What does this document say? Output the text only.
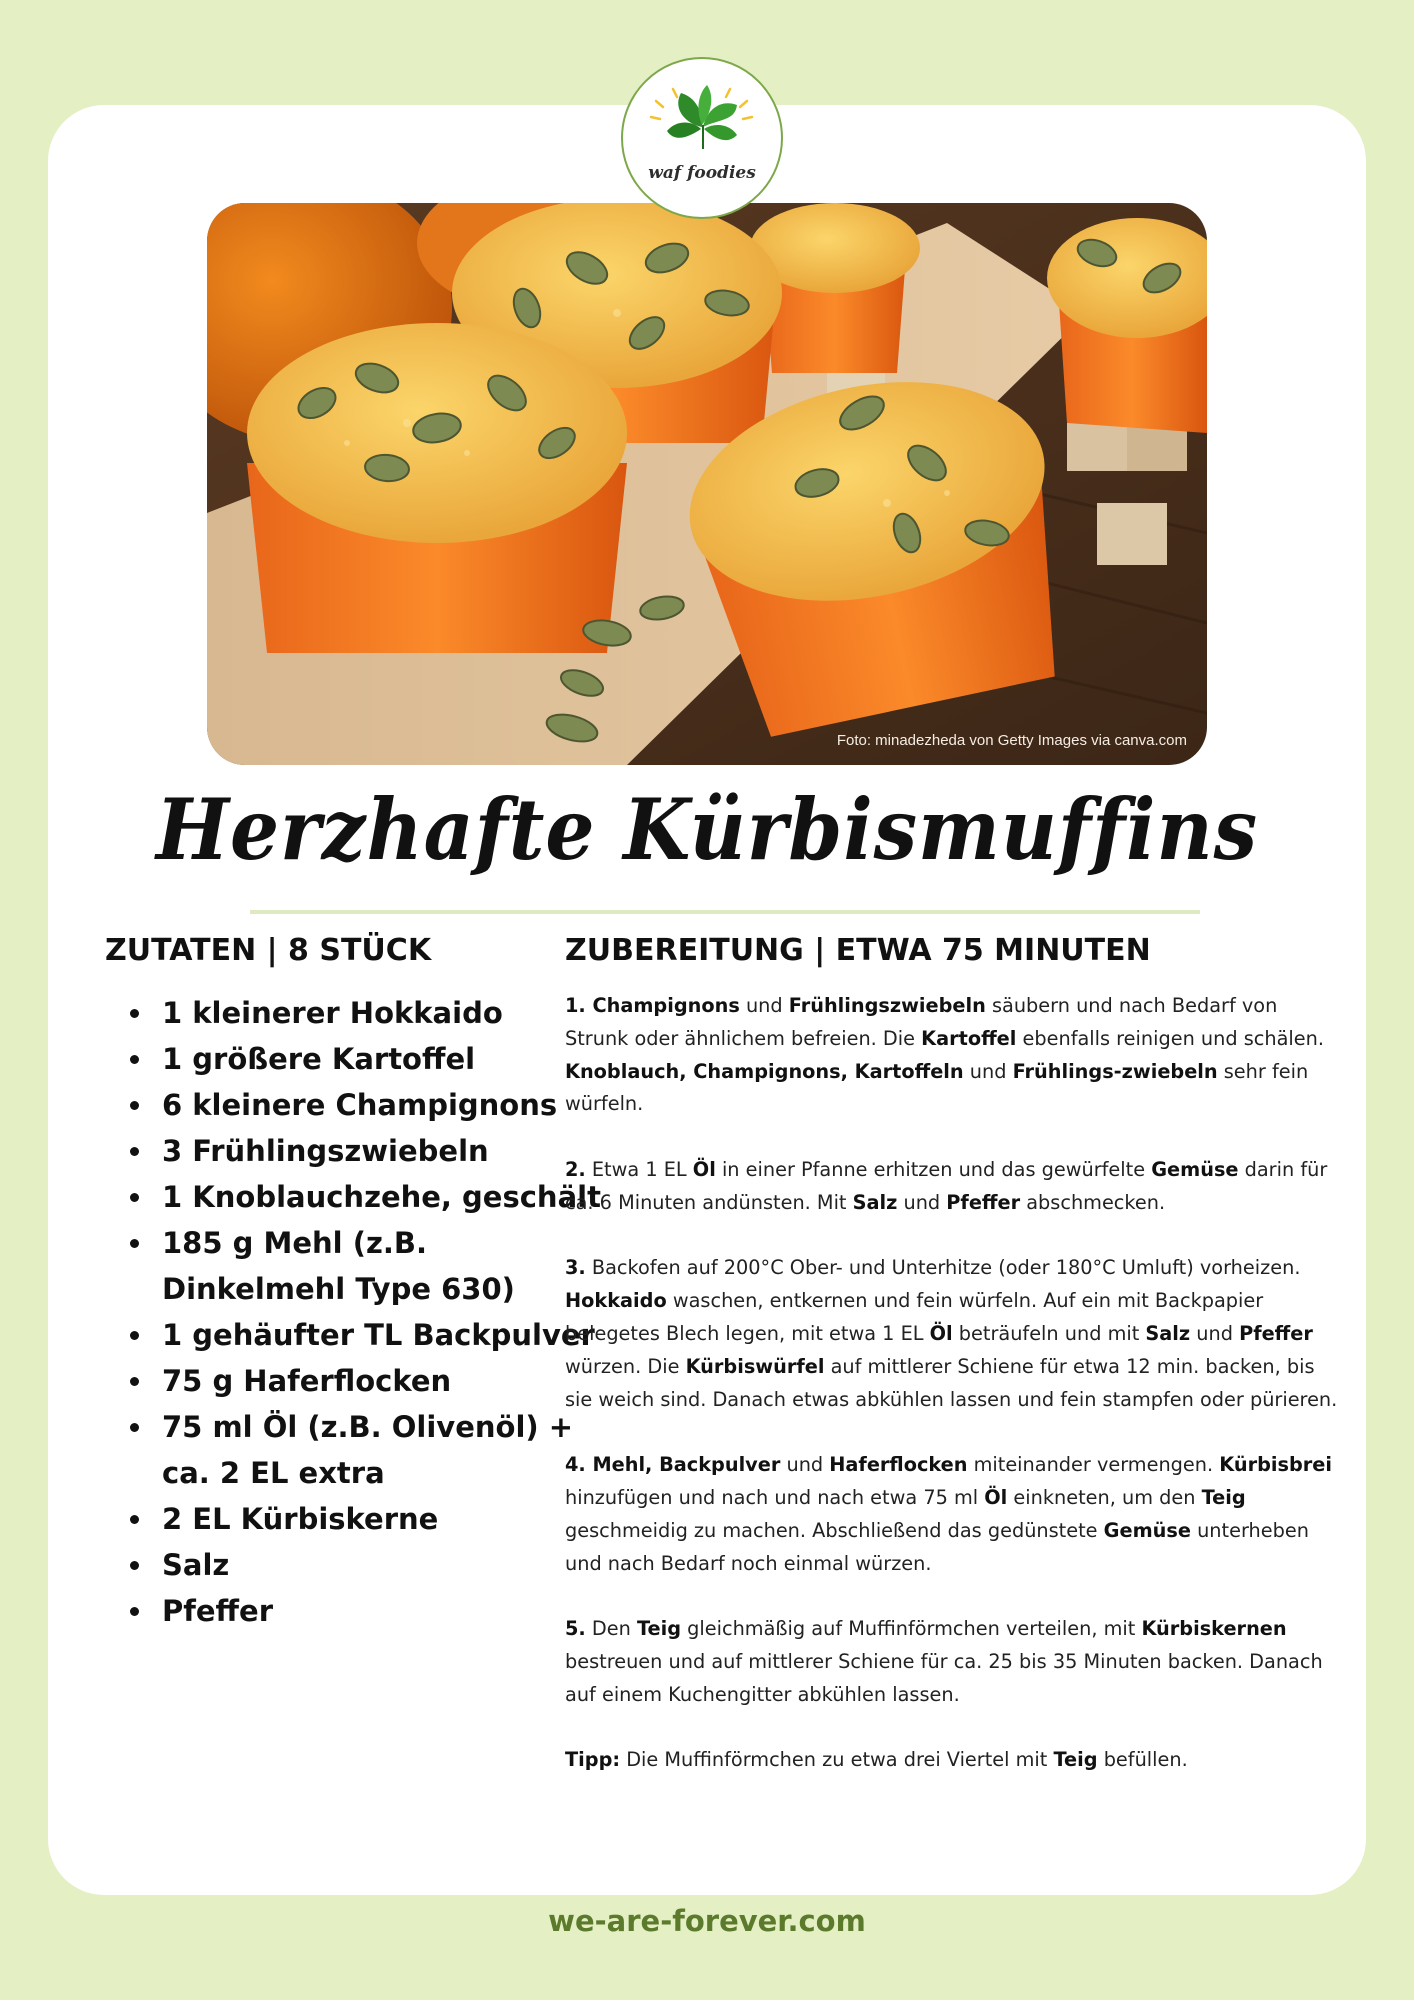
waf foodies
Foto: minadezheda von Getty Images via canva.com
Herzhafte Kürbismuffins
ZUTATEN | 8 STÜCK
1 kleinerer Hokkaido
1 größere Kartoffel
6 kleinere Champignons
3 Frühlingszwiebeln
1 Knoblauchzehe, geschält
185 g Mehl (z.B. Dinkelmehl Type 630)
1 gehäufter TL Backpulver
75 g Haferflocken
75 ml Öl (z.B. Olivenöl) + ca. 2 EL extra
2 EL Kürbiskerne
Salz
Pfeffer
ZUBEREITUNG | ETWA 75 MINUTEN

1. Champignons und Frühlingszwiebeln säubern und nach Bedarf von Strunk oder ähnlichem befreien. Die Kartoffel ebenfalls reinigen und schälen. Knoblauch, Champignons, Kartoffeln und Frühlings-zwiebeln sehr fein würfeln.

2. Etwa 1 EL Öl in einer Pfanne erhitzen und das gewürfelte Gemüse darin für ca. 6 Minuten andünsten. Mit Salz und Pfeffer abschmecken.

3. Backofen auf 200°C Ober- und Unterhitze (oder 180°C Umluft) vorheizen. Hokkaido waschen, entkernen und fein würfeln. Auf ein mit Backpapier belegetes Blech legen, mit etwa 1 EL Öl beträufeln und mit Salz und Pfeffer würzen. Die Kürbiswürfel auf mittlerer Schiene für etwa 12 min. backen, bis sie weich sind. Danach etwas abkühlen lassen und fein stampfen oder pürieren.

4. Mehl, Backpulver und Haferflocken miteinander vermengen. Kürbisbrei hinzufügen und nach und nach etwa 75 ml Öl einkneten, um den Teig geschmeidig zu machen. Abschließend das gedünstete Gemüse unterheben und nach Bedarf noch einmal würzen.

5. Den Teig gleichmäßig auf Muffinförmchen verteilen, mit Kürbiskernen bestreuen und auf mittlerer Schiene für ca. 25 bis 35 Minuten backen. Danach auf einem Kuchengitter abkühlen lassen.

Tipp: Die Muffinförmchen zu etwa drei Viertel mit Teig befüllen.

we-are-forever.com
